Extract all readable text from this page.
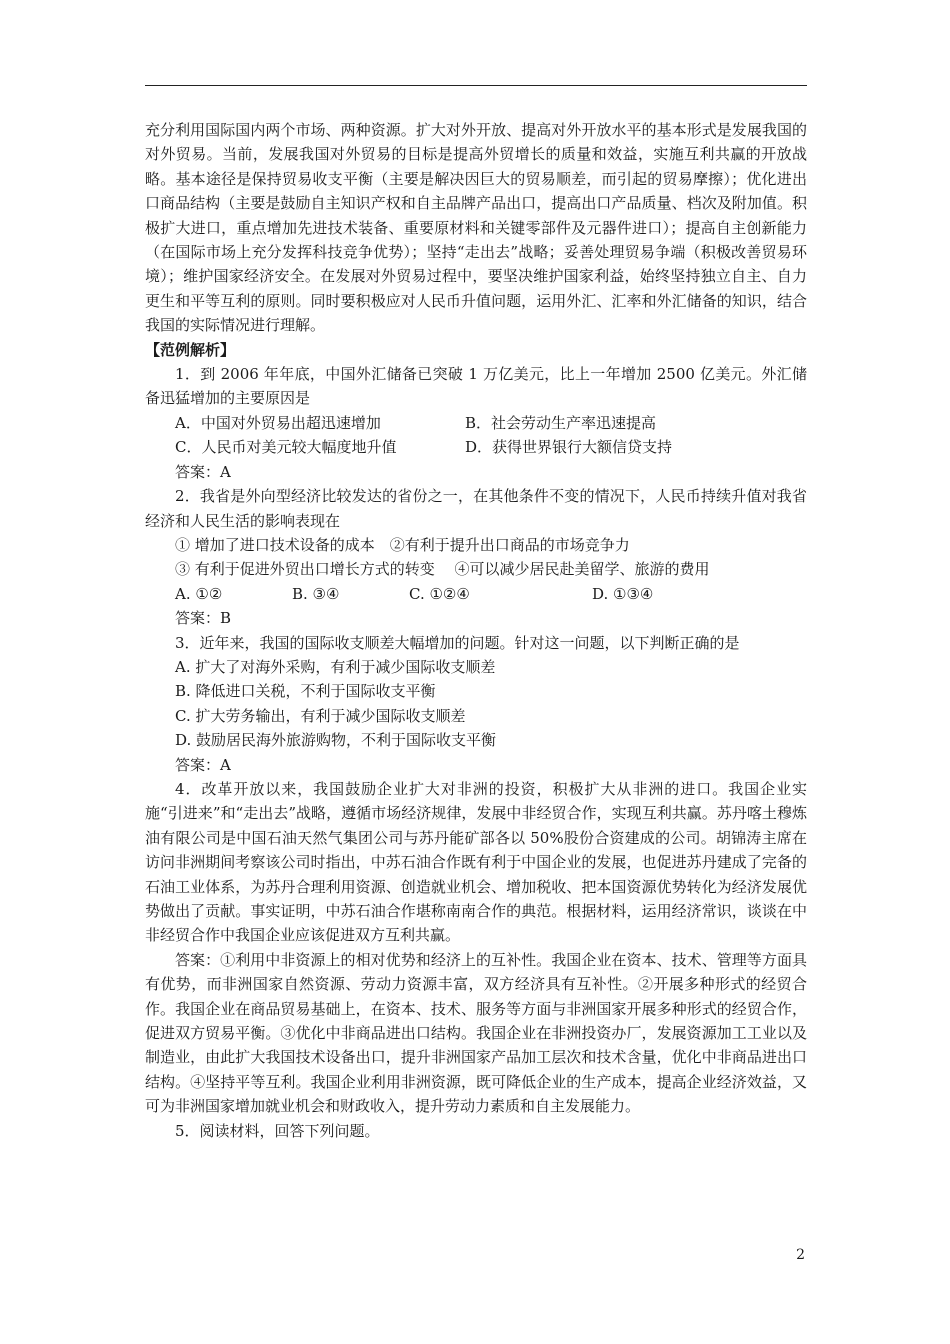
充分利用国际国内两个市场、两种资源。扩大对外开放、提高对外开放水平的基本形式是发展我国的对外贸易。当前，发展我国对外贸易的目标是提高外贸增长的质量和效益，实施互利共赢的开放战略。基本途径是保持贸易收支平衡（主要是解决因巨大的贸易顺差，而引起的贸易摩擦）；优化进出口商品结构（主要是鼓励自主知识产权和自主品牌产品出口，提高出口产品质量、档次及附加值。积极扩大进口，重点增加先进技术装备、重要原材料和关键零部件及元器件进口）；提高自主创新能力（在国际市场上充分发挥科技竞争优势）；坚持“走出去”战略；妥善处理贸易争端（积极改善贸易环境）；维护国家经济安全。在发展对外贸易过程中，要坚决维护国家利益，始终坚持独立自主、自力更生和平等互利的原则。同时要积极应对人民币升值问题，运用外汇、汇率和外汇储备的知识，结合我国的实际情况进行理解。

【范例解析】

1．到 2006 年年底，中国外汇储备已突破 1 万亿美元，比上一年增加 2500 亿美元。外汇储备迅猛增加的主要原因是

A．中国对外贸易出超迅速增加	B．社会劳动生产率迅速提高
C．人民币对美元较大幅度地升值	D．获得世界银行大额信贷支持

答案：A

2．我省是外向型经济比较发达的省份之一，在其他条件不变的情况下，人民币持续升值对我省经济和人民生活的影响表现在

① 增加了进口技术设备的成本　②有利于提升出口商品的市场竞争力

③ 有利于促进外贸出口增长方式的转变　 ④可以减少居民赴美留学、旅游的费用

A. ①②	B. ③④	C. ①②④	D. ①③④

答案：B

3．近年来，我国的国际收支顺差大幅增加的问题。针对这一问题，以下判断正确的是

A. 扩大了对海外采购，有利于减少国际收支顺差

B. 降低进口关税，不利于国际收支平衡

C. 扩大劳务输出，有利于减少国际收支顺差

D. 鼓励居民海外旅游购物，不利于国际收支平衡

答案：A

4．改革开放以来，我国鼓励企业扩大对非洲的投资，积极扩大从非洲的进口。我国企业实施“引进来”和“走出去”战略，遵循市场经济规律，发展中非经贸合作，实现互利共赢。苏丹喀土穆炼油有限公司是中国石油天然气集团公司与苏丹能矿部各以 50%股份合资建成的公司。胡锦涛主席在访问非洲期间考察该公司时指出，中苏石油合作既有利于中国企业的发展，也促进苏丹建成了完备的石油工业体系，为苏丹合理利用资源、创造就业机会、增加税收、把本国资源优势转化为经济发展优势做出了贡献。事实证明，中苏石油合作堪称南南合作的典范。根据材料，运用经济常识，谈谈在中非经贸合作中我国企业应该促进双方互利共赢。

答案：①利用中非资源上的相对优势和经济上的互补性。我国企业在资本、技术、管理等方面具有优势，而非洲国家自然资源、劳动力资源丰富，双方经济具有互补性。②开展多种形式的经贸合作。我国企业在商品贸易基础上，在资本、技术、服务等方面与非洲国家开展多种形式的经贸合作，促进双方贸易平衡。③优化中非商品进出口结构。我国企业在非洲投资办厂，发展资源加工工业以及制造业，由此扩大我国技术设备出口，提升非洲国家产品加工层次和技术含量，优化中非商品进出口结构。④坚持平等互利。我国企业利用非洲资源，既可降低企业的生产成本，提高企业经济效益，又可为非洲国家增加就业机会和财政收入，提升劳动力素质和自主发展能力。

5．阅读材料，回答下列问题。

2
